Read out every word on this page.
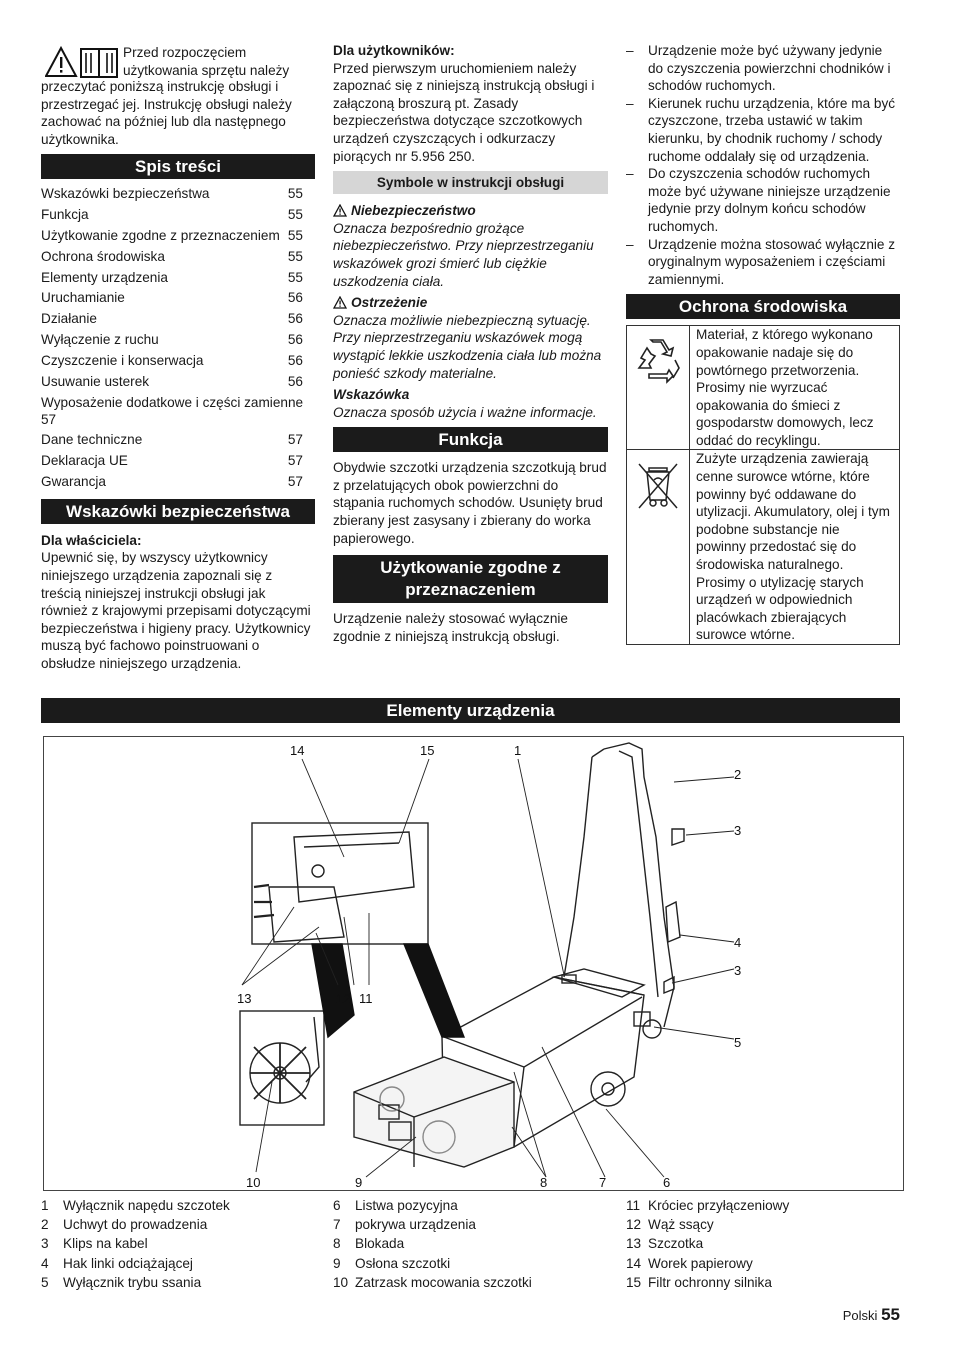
Przed rozpoczęciem
użytkowania sprzętu należy

przeczytać poniższą instrukcję obsługi i przestrzegać jej. Instrukcję obsługi należy zachować na później lub dla następnego użytkownika.

Spis treści
Wskazówki bezpieczeństwa	55
Funkcja	55
Użytkowanie zgodne z przeznaczeniem 55
Ochrona środowiska	55
Elementy urządzenia	55
Uruchamianie	56
Działanie	56
Wyłączenie z ruchu	56
Czyszczenie i konserwacja	56
Usuwanie usterek	56
Wyposażenie dodatkowe i części zamienne 57
Dane techniczne	57
Deklaracja UE	57
Gwarancja	57
Wskazówki bezpieczeństwa

Dla właściciela:

Upewnić się, by wszyscy użytkownicy niniejszego urządzenia zapoznali się z treścią niniejszej instrukcji obsługi jak również z krajowymi przepisami dotyczącymi bezpieczeństwa i higieny pracy. Użytkownicy muszą być fachowo poinstruowani o obsłudze niniejszego urządzenia.

Dla użytkowników:

Przed pierwszym uruchomieniem należy zapoznać się z niniejszą instrukcją obsługi i załączoną broszurą pt. Zasady bezpieczeństwa dotyczące szczotkowych urządzeń czyszczących i odkurzaczy piorących nr 5.956 250.

Symbole w instrukcji obsługi

Niebezpieczeństwo

Oznacza bezpośrednio grożące niebezpieczeństwo. Przy nieprzestrzeganiu wskazówek grozi śmierć lub ciężkie uszkodzenia ciała.

Ostrzeżenie

Oznacza możliwie niebezpieczną sytuację. Przy nieprzestrzeganiu wskazówek mogą wystąpić lekkie uszkodzenia ciała lub można ponieść szkody materialne.

Wskazówka

Oznacza sposób użycia i ważne informacje.

Funkcja

Obydwie szczotki urządzenia szczotkują brud z przelatujących obok powierzchni do stąpania ruchomych schodów. Usunięty brud zbierany jest zasysany i zbierany do worka papierowego.

Użytkowanie zgodne z
przeznaczeniem

Urządzenie należy stosować wyłącznie zgodnie z niniejszą instrukcją obsługi.

–	Urządzenie może być używany jedynie do czyszczenia powierzchni chodników i schodów ruchomych.
–	Kierunek ruchu urządzenia, które ma być czyszczone, trzeba ustawić w takim kierunku, by chodnik ruchomy / schody ruchome oddalały się od urządzenia.
–	Do czyszczenia schodów ruchomych może być używane niniejsze urządzenie jedynie przy dolnym końcu schodów ruchomych.
–	Urządzenie można stosować wyłącznie z oryginalnym wyposażeniem i częściami zamiennymi.
Ochrona środowiska
	Materiał, z którego wykonano opakowanie nadaje się do powtórnego przetworzenia. Prosimy nie wyrzucać opakowania do śmieci z gospodarstw domowych, lecz oddać do recyklingu.
	Zużyte urządzenia zawierają cenne surowce wtórne, które powinny być oddawane do utylizacji. Akumulatory, olej i tym podobne substancje nie powinny przedostać się do środowiska naturalnego. Prosimy o utylizację starych urządzeń w odpowiednich placówkach zbierających surowce wtórne.
Elementy urządzenia
14	15	1
2
3
4
3
5
13	12 11
10	9	8	7	6
1	Wyłącznik napędu szczotek
2	Uchwyt do prowadzenia
3	Klips na kabel
4	Hak linki odciążającej
5	Wyłącznik trybu ssania
6	Listwa pozycyjna
7	pokrywa urządzenia
8	Blokada
9	Osłona szczotki
10 Zatrzask mocowania szczotki
11 Króciec przyłączeniowy
12 Wąż ssący
13 Szczotka
14 Worek papierowy
15 Filtr ochronny silnika
Polski 55
